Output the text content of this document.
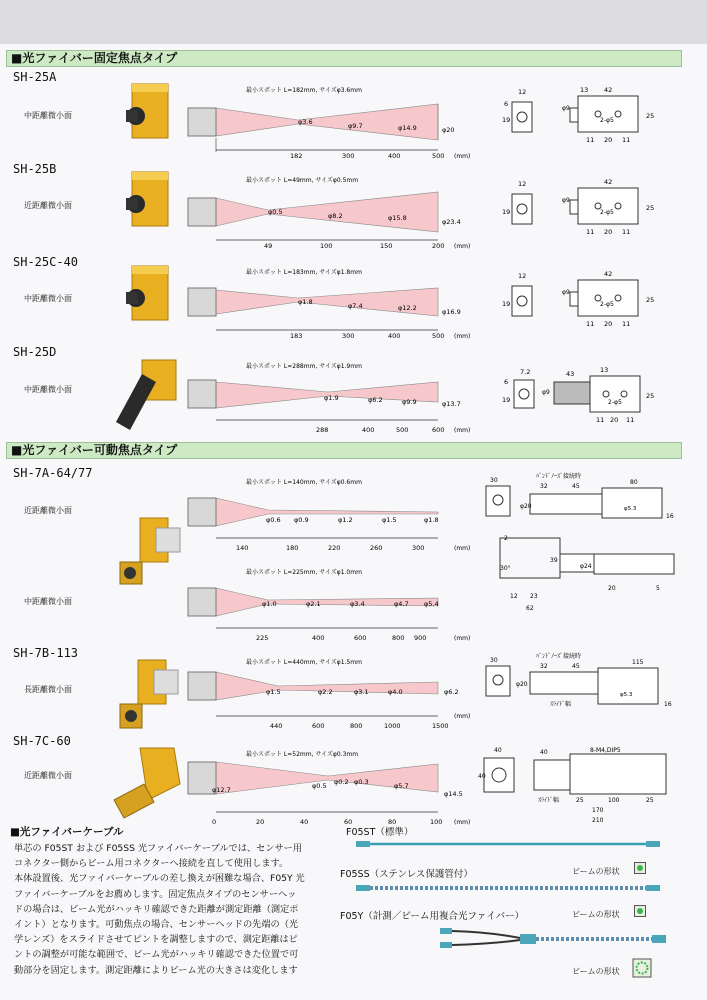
■光ファイバー固定焦点タイプ
SH-25A
中距離微小面
最小スポット L=182mm, サイズφ3.6mm
φ3.6	φ9.7	φ14.9	φ20
182	300	400	500 (mm)
12	42
13
2-φ5
φ9
19
6
25
11 20 11
SH-25B
近距離微小面
最小スポット L=49mm, サイズφ0.5mm
φ0.5	φ8.2	φ15.8	φ23.4
49	100	150	200 (mm)
12	42
2-φ5
φ9
19	25
11 20 11
SH-25C-40
中距離微小面
最小スポット L=183mm, サイズφ1.8mm
φ1.8	φ7.4	φ12.2	φ16.9
183	300	400	500 (mm)
12	42
2-φ5
φ9
19	25
11 20 11
SH-25D
中距離微小面
最小スポット L=288mm, サイズφ1.9mm
φ1.9	φ6.2	φ9.9	φ13.7
288	400	500	600 (mm)
7.2	43	13
2-φ5
φ9
6
19	25
11 20 11
■光ファイバー可動焦点タイプ
SH-7A-64/77
近距離微小面
最小スポット L=140mm, サイズφ0.6mm
φ0.6 φ0.9	φ1.2	φ1.5	φ1.8
140	180	220	260	300	(mm)
中距離微小面
最小スポット L=225mm, サイズφ1.0mm
φ1.0	φ2.1	φ3.4	φ4.7 φ5.4
225	400	600	800 900	(mm)
ﾊﾞﾝﾄﾞﾉｰｽﾞ接続時
32	45
80
30
φ20
16
φ5.3
2
30°
39
φ24
12 23
62
20	5
SH-7B-113
長距離微小面
最小スポット L=440mm, サイズφ1.5mm
φ1.5	φ2.2	φ3.1	φ4.0	φ6.2
440	600	800	1000	1500
(mm)
ﾊﾞﾝﾄﾞﾉｰｽﾞ接続時
32	45
115
30
φ20
ｽﾗｲﾄﾞ幅	16
φ5.3
SH-7C-60
近距離微小面
最小スポット L=52mm, サイズφ0.3mm
φ12.7	φ0.5 φ0.2 φ0.3	φ5.7
φ14.5
0	20	40	60	80	100 (mm)
40	8-M4,DIP5
40
40
ｽﾗｲﾄﾞ幅	25	100	25
170
210
■光ファイバーケーブル
単芯の F05ST および F05SS 光ファイバーケーブルでは、センサー用
コネクター側からビーム用コネクターへ接続を直して使用します。
本体設置後、光ファイバーケーブルの差し換えが困難な場合、F05Y 光
ファイバーケーブルをお薦めします。固定焦点タイプのセンサーヘッ
ドの場合は、ビーム光がハッキリ確認できた距離が測定距離（測定ポ
イント）となります。可動焦点の場合、センサーヘッドの先端の（光
学レンズ）をスライドさせてピントを調整しますので、測定距離はピ
ントの調整が可能な範囲で、ビーム光がハッキリ確認できた位置で可
動部分を固定します。測定距離によりビーム光の大きさは変化します
F05ST（標準）
F05SS（ステンレス保護管付）	ビームの形状
F05Y（計測／ビーム用複合光ファイバー）	ビームの形状
ビームの形状
